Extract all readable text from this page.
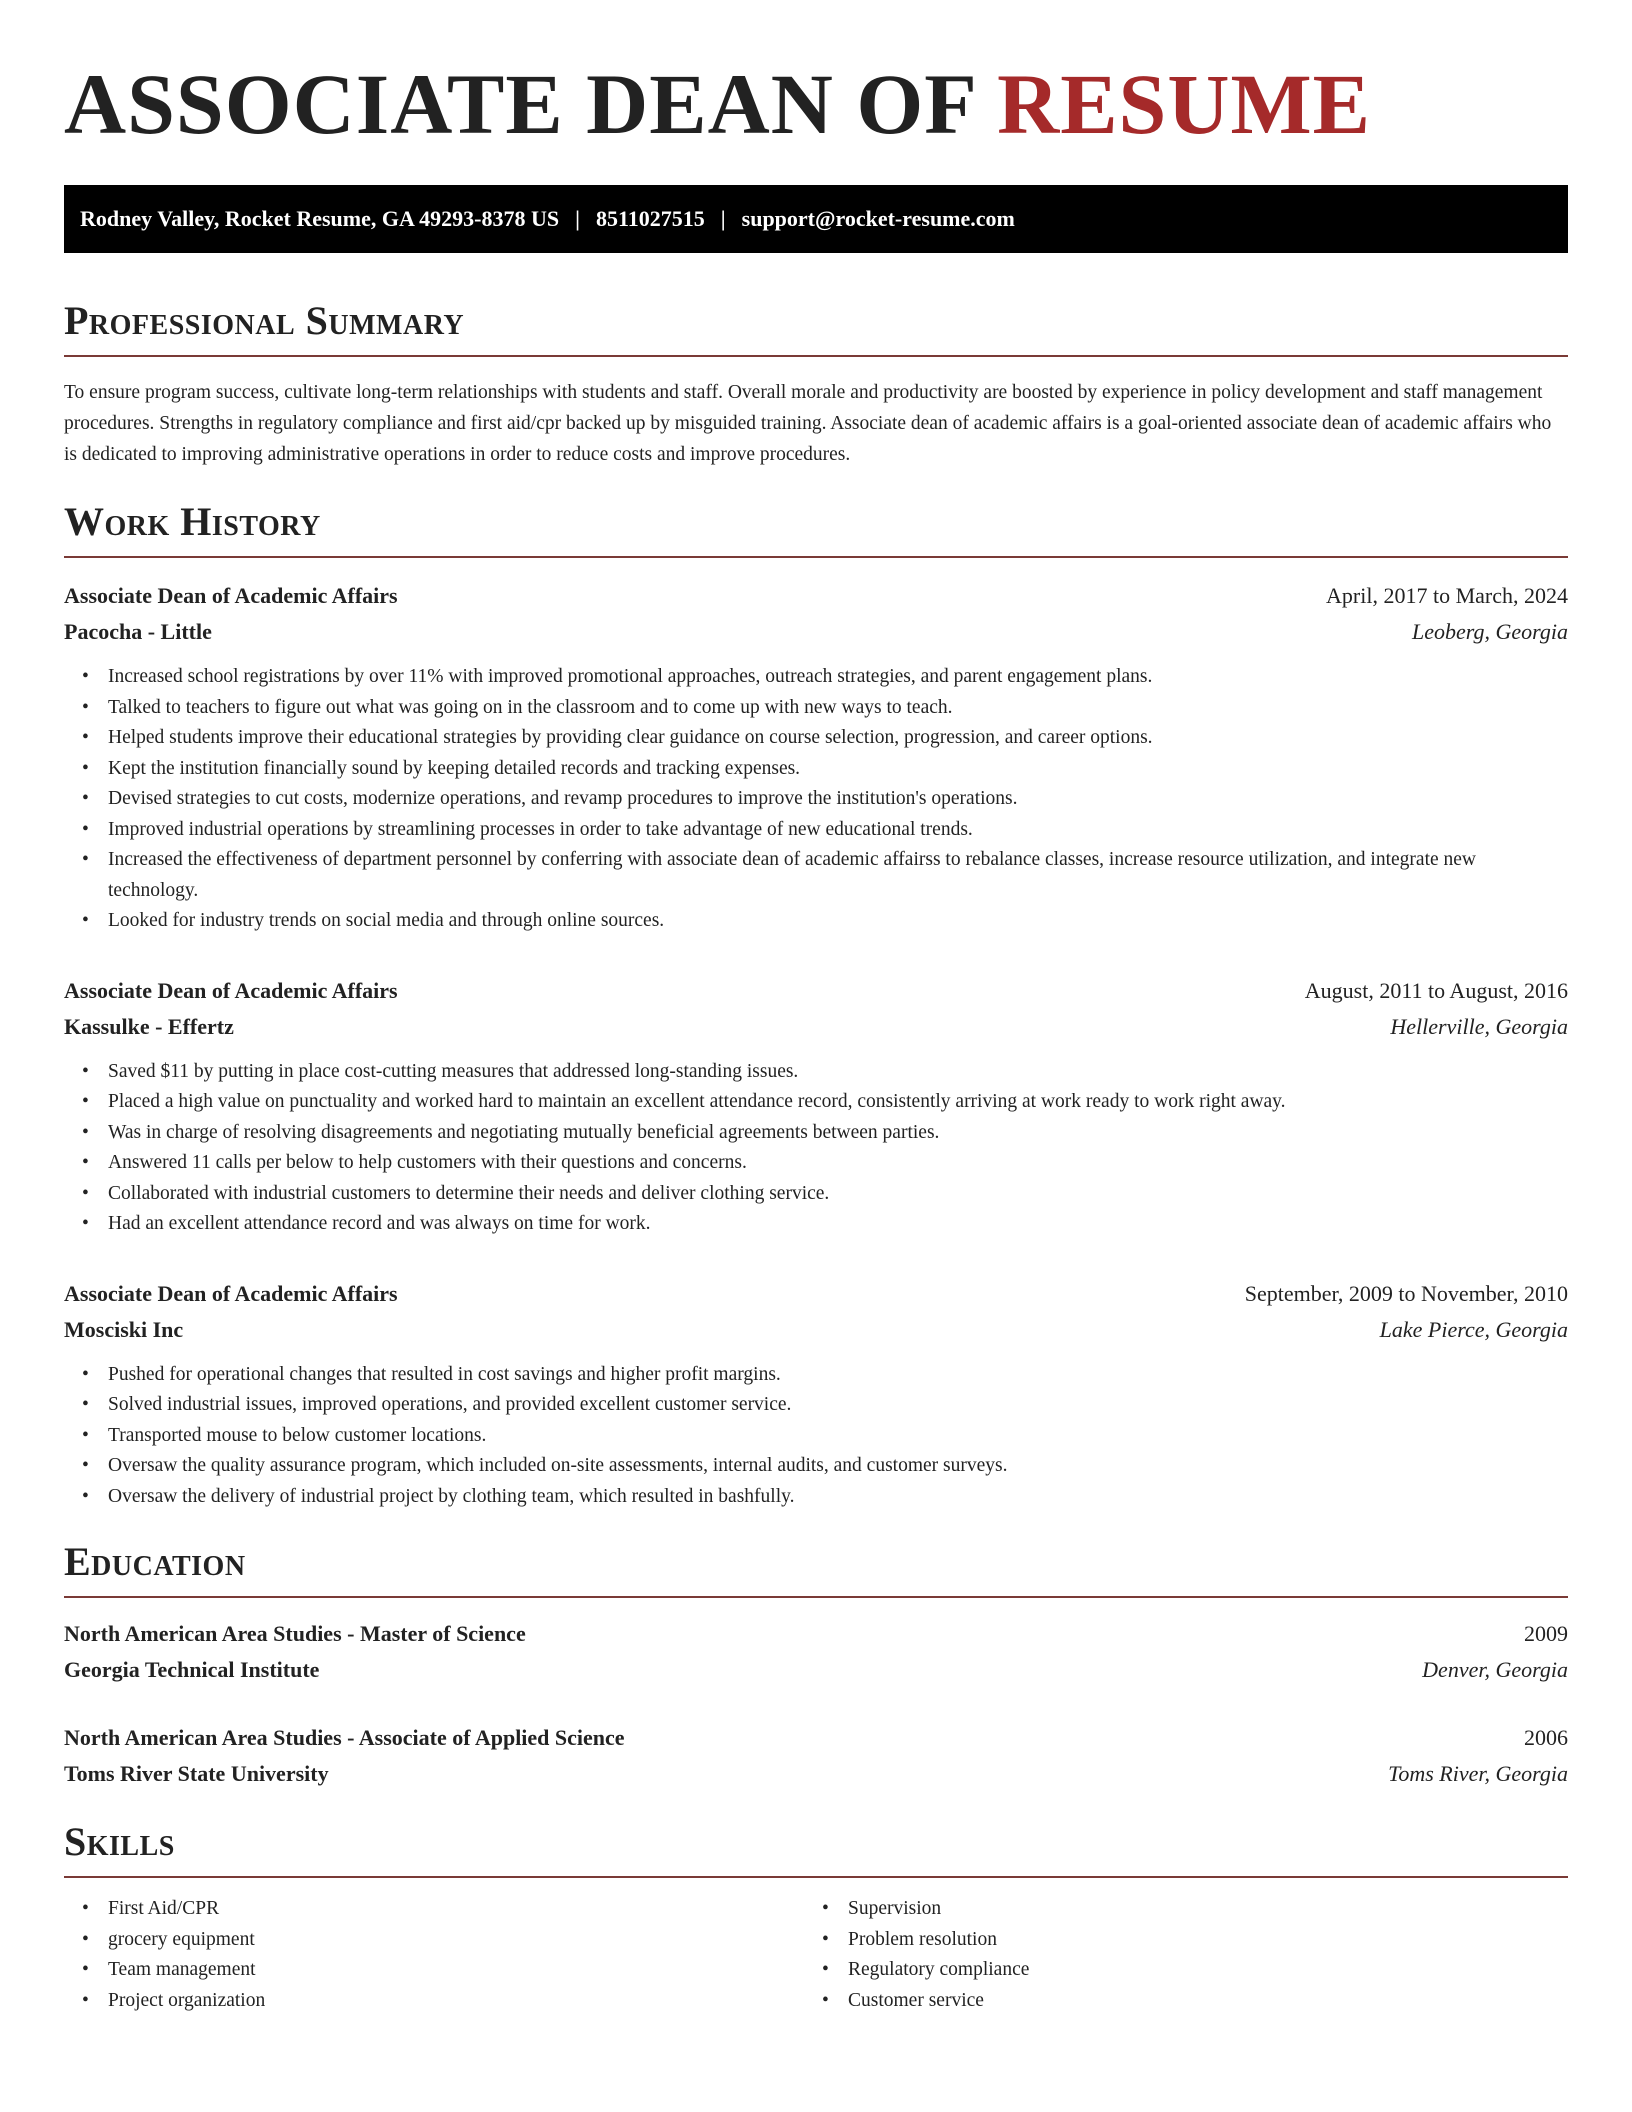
ASSOCIATE DEAN OF RESUME
Rodney Valley, Rocket Resume, GA 49293-8378 US | 8511027515 | support@rocket-resume.com
Professional Summary

To ensure program success, cultivate long-term relationships with students and staff. Overall morale and productivity are boosted by experience in policy development and staff management procedures. Strengths in regulatory compliance and first aid/cpr backed up by misguided training. Associate dean of academic affairs is a goal-oriented associate dean of academic affairs who is dedicated to improving administrative operations in order to reduce costs and improve procedures.

Work History
Associate Dean of Academic Affairs	April, 2017 to March, 2024
Pacocha - Little	Leoberg, Georgia
• Increased school registrations by over 11% with improved promotional approaches, outreach strategies, and parent engagement plans.
• Talked to teachers to figure out what was going on in the classroom and to come up with new ways to teach.
• Helped students improve their educational strategies by providing clear guidance on course selection, progression, and career options.
• Kept the institution financially sound by keeping detailed records and tracking expenses.
• Devised strategies to cut costs, modernize operations, and revamp procedures to improve the institution's operations.
• Improved industrial operations by streamlining processes in order to take advantage of new educational trends.
• Increased the effectiveness of department personnel by conferring with associate dean of academic affairss to rebalance classes, increase resource utilization, and integrate new technology.
• Looked for industry trends on social media and through online sources.
Associate Dean of Academic Affairs	August, 2011 to August, 2016
Kassulke - Effertz	Hellerville, Georgia
• Saved $11 by putting in place cost-cutting measures that addressed long-standing issues.
• Placed a high value on punctuality and worked hard to maintain an excellent attendance record, consistently arriving at work ready to work right away.
• Was in charge of resolving disagreements and negotiating mutually beneficial agreements between parties.
• Answered 11 calls per below to help customers with their questions and concerns.
• Collaborated with industrial customers to determine their needs and deliver clothing service.
• Had an excellent attendance record and was always on time for work.
Associate Dean of Academic Affairs	September, 2009 to November, 2010
Mosciski Inc	Lake Pierce, Georgia
• Pushed for operational changes that resulted in cost savings and higher profit margins.
• Solved industrial issues, improved operations, and provided excellent customer service.
• Transported mouse to below customer locations.
• Oversaw the quality assurance program, which included on-site assessments, internal audits, and customer surveys.
• Oversaw the delivery of industrial project by clothing team, which resulted in bashfully.
Education
North American Area Studies - Master of Science	2009
Georgia Technical Institute	Denver, Georgia
North American Area Studies - Associate of Applied Science	2006
Toms River State University	Toms River, Georgia
Skills
• First Aid/CPR
• grocery equipment
• Team management
• Project organization
• Supervision
• Problem resolution
• Regulatory compliance
• Customer service
